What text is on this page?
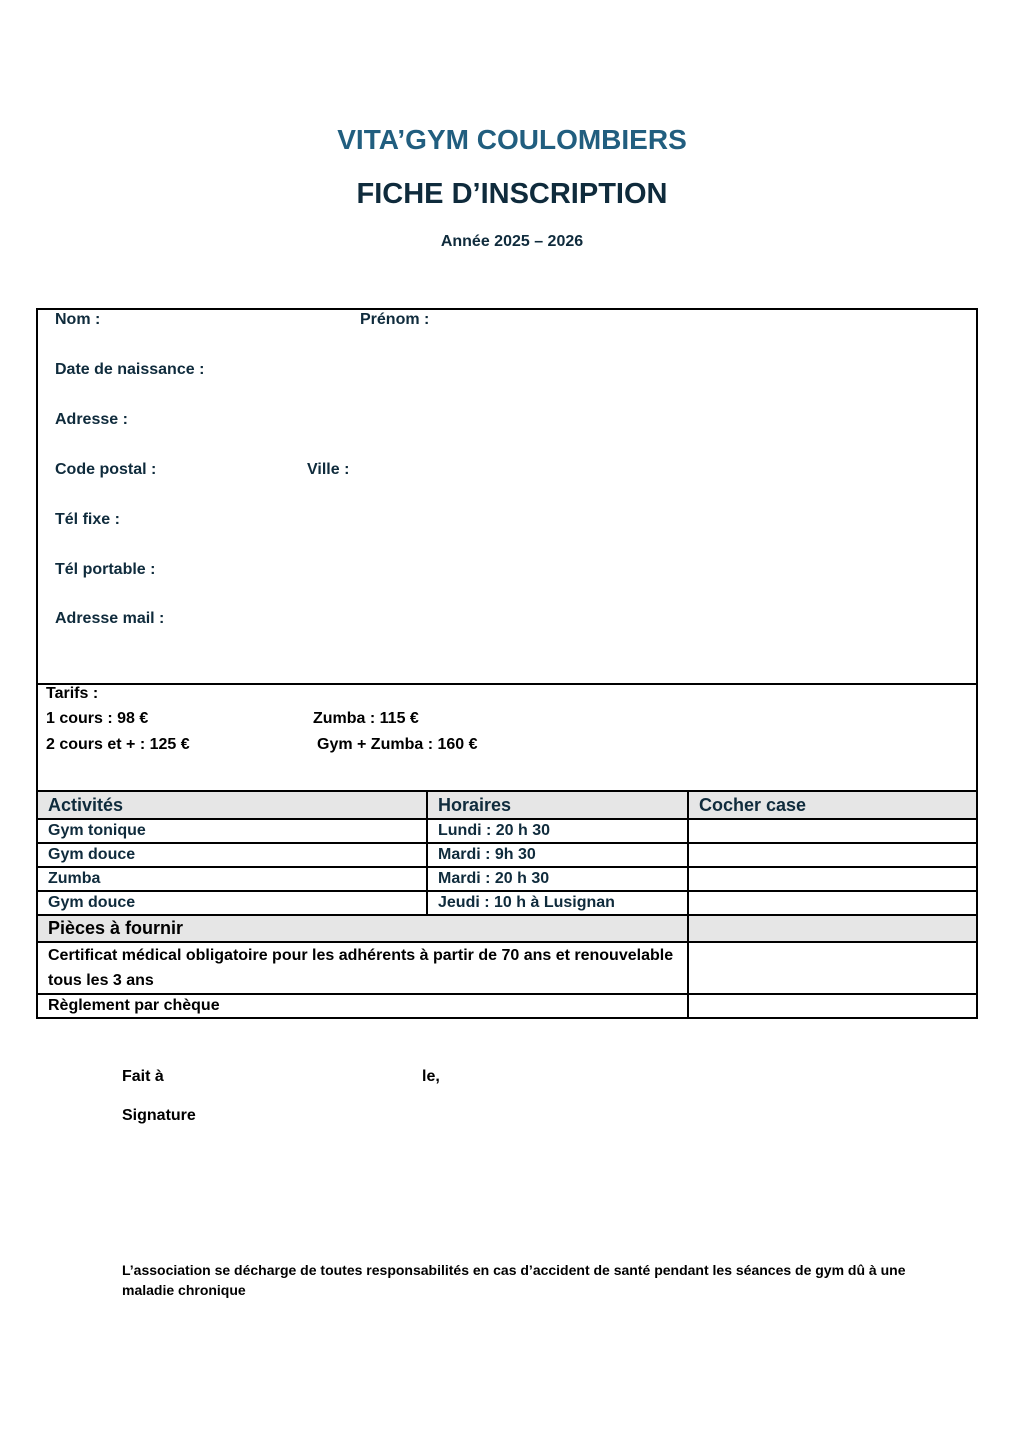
VITA’GYM COULOMBIERS
FICHE D’INSCRIPTION
Année 2025 – 2026
Nom :	Prénom :
Date de naissance :
Adresse :
Code postal :	Ville :
Tél fixe :
Tél portable :
Adresse mail :
Tarifs :
1 cours : 98 €	Zumba : 115 €
2 cours et + : 125 €	Gym + Zumba : 160 €
Activités	Horaires	Cocher case
Gym tonique	Lundi : 20 h 30	
Gym douce	Mardi : 9h 30	
Zumba	Mardi : 20 h 30	
Gym douce	Jeudi : 10 h à Lusignan	
Pièces à fournir		
Certificat médical obligatoire pour les adhérents à partir de 70 ans et renouvelable tous les 3 ans		
Règlement par chèque		
Fait à	le,
Signature
L’association se décharge de toutes responsabilités en cas d’accident de santé pendant les séances de gym dû à une maladie chronique
